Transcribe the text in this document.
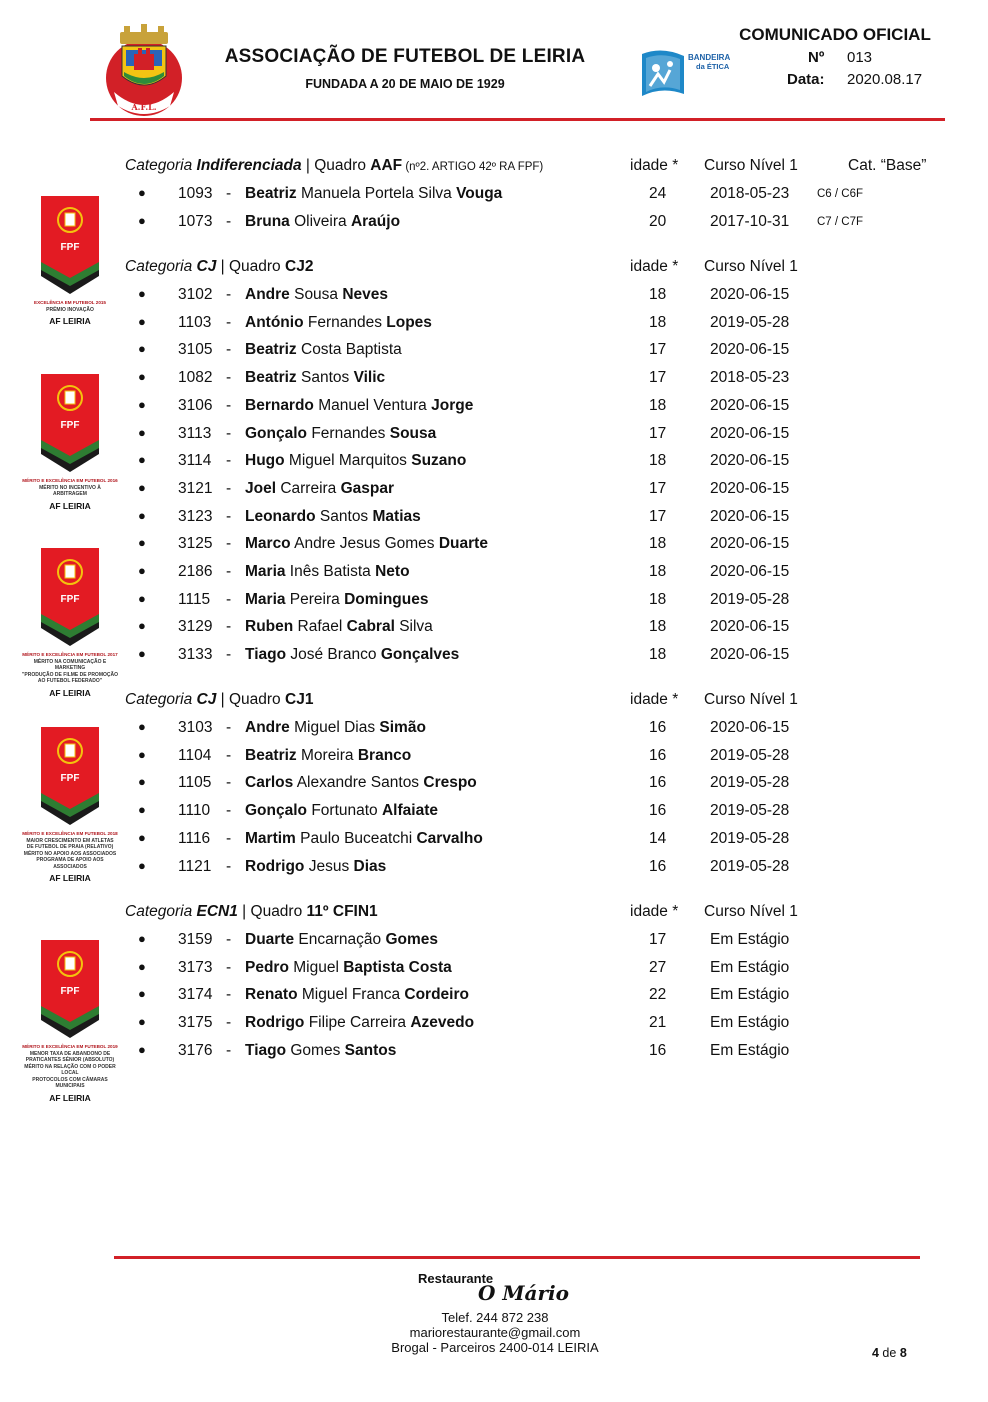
A.F.L.
ASSOCIAÇÃO DE FUTEBOL DE LEIRIA
FUNDADA A 20 DE MAIO DE 1929
BANDEIRA
da ÉTICA
COMUNICADO OFICIAL
Nº 013
Data: 2020.08.17
FPF
EXCELÊNCIA EM FUTEBOL 2015
PRÉMIO INOVAÇÃO
AF LEIRIA
FPF
MÉRITO E EXCELÊNCIA EM FUTEBOL 2016
MÉRITO NO INCENTIVO À ARBITRAGEM
AF LEIRIA
FPF
MÉRITO E EXCELÊNCIA EM FUTEBOL 2017
MÉRITO NA COMUNICAÇÃO E MARKETING
"PRODUÇÃO DE FILME DE PROMOÇÃO
AO FUTEBOL FEDERADO"
AF LEIRIA
FPF
MÉRITO E EXCELÊNCIA EM FUTEBOL 2018
MAIOR CRESCIMENTO EM ATLETAS
DE FUTEBOL DE PRAIA (RELATIVO)
MÉRITO NO APOIO AOS ASSOCIADOS
PROGRAMA DE APOIO AOS ASSOCIADOS
AF LEIRIA
FPF
MÉRITO E EXCELÊNCIA EM FUTEBOL 2019
MENOR TAXA DE ABANDONO DE
PRATICANTES SÉNIOR (ABSOLUTO)
MÉRITO NA RELAÇÃO COM O PODER LOCAL
PROTOCOLOS COM CÂMARAS MUNICIPAIS
AF LEIRIA
Categoria Indiferenciada | Quadro AAF (nº2. ARTIGO 42º RA FPF)	idade * Curso Nível 1	Cat. “Base”
● 1093 - Beatriz Manuela Portela Silva Vouga	24	2018-05-23 C6 / C6F
● 1073 - Bruna Oliveira Araújo	20	2017-10-31 C7 / C7F
Categoria CJ | Quadro CJ2	idade * Curso Nível 1
● 3102 - Andre Sousa Neves	18	2020-06-15
● 1103 - António Fernandes Lopes	18	2019-05-28
● 3105 - Beatriz Costa Baptista	17	2020-06-15
● 1082 - Beatriz Santos Vilic	17	2018-05-23
● 3106 - Bernardo Manuel Ventura Jorge	18	2020-06-15
● 3113 - Gonçalo Fernandes Sousa	17	2020-06-15
● 3114 - Hugo Miguel Marquitos Suzano	18	2020-06-15
● 3121 - Joel Carreira Gaspar	17	2020-06-15
● 3123 - Leonardo Santos Matias	17	2020-06-15
● 3125 - Marco Andre Jesus Gomes Duarte	18	2020-06-15
● 2186 - Maria Inês Batista Neto	18	2020-06-15
● 1115 - Maria Pereira Domingues	18	2019-05-28
● 3129 - Ruben Rafael Cabral Silva	18	2020-06-15
● 3133 - Tiago José Branco Gonçalves	18	2020-06-15
Categoria CJ | Quadro CJ1	idade * Curso Nível 1
● 3103 - Andre Miguel Dias Simão	16	2020-06-15
● 1104 - Beatriz Moreira Branco	16	2019-05-28
● 1105 - Carlos Alexandre Santos Crespo	16	2019-05-28
● 1110 - Gonçalo Fortunato Alfaiate	16	2019-05-28
● 1116 - Martim Paulo Buceatchi Carvalho	14	2019-05-28
● 1121 - Rodrigo Jesus Dias	16	2019-05-28
Categoria ECN1 | Quadro 11º CFIN1	idade * Curso Nível 1
● 3159 - Duarte Encarnação Gomes	17	Em Estágio
● 3173 - Pedro Miguel Baptista Costa	27	Em Estágio
● 3174 - Renato Miguel Franca Cordeiro	22	Em Estágio
● 3175 - Rodrigo Filipe Carreira Azevedo	21	Em Estágio
● 3176 - Tiago Gomes Santos	16	Em Estágio
Restaurante
O Mário
Telef. 244 872 238
mariorestaurante@gmail.com
Brogal - Parceiros 2400-014 LEIRIA	4 de 8
